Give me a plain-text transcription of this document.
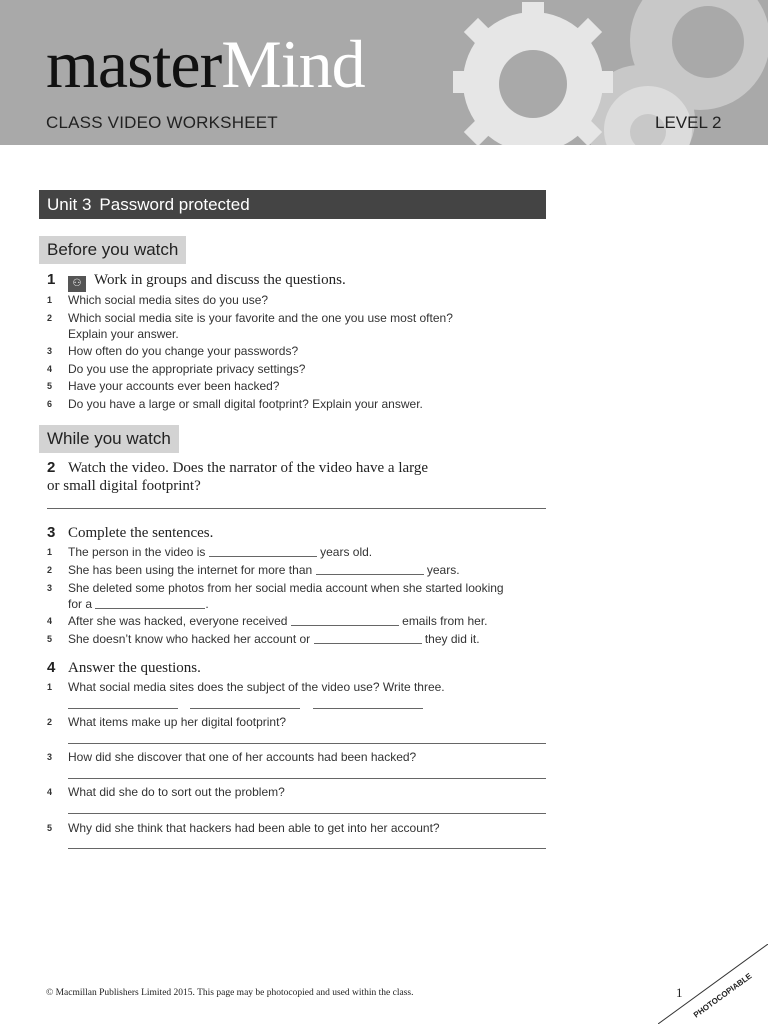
masterMind
CLASS VIDEO WORKSHEET	LEVEL 2
Unit 3 Password protected
Before you watch
1 ⚇ Work in groups and discuss the questions.
1 Which social media sites do you use?
2 Which social media site is your favorite and the one you use most often?
Explain your answer.
3 How often do you change your passwords?
4 Do you use the appropriate privacy settings?
5 Have your accounts ever been hacked?
6 Do you have a large or small digital footprint? Explain your answer.
While you watch
2 Watch the video. Does the narrator of the video have a large
or small digital footprint?
3 Complete the sentences.
1 The person in the video is	years old.
2 She has been using the internet for more than	years.
3 She deleted some photos from her social media account when she started looking
for a	.
4 After she was hacked, everyone received	emails from her.
5 She doesn’t know who hacked her account or	they did it.
4 Answer the questions.
1 What social media sites does the subject of the video use? Write three.
2 What items make up her digital footprint?
3 How did she discover that one of her accounts had been hacked?
4 What did she do to sort out the problem?
5 Why did she think that hackers had been able to get into her account?
© Macmillan Publishers Limited 2015. This page may be photocopied and used within the class.	1 PHOTOCOPIABLE
